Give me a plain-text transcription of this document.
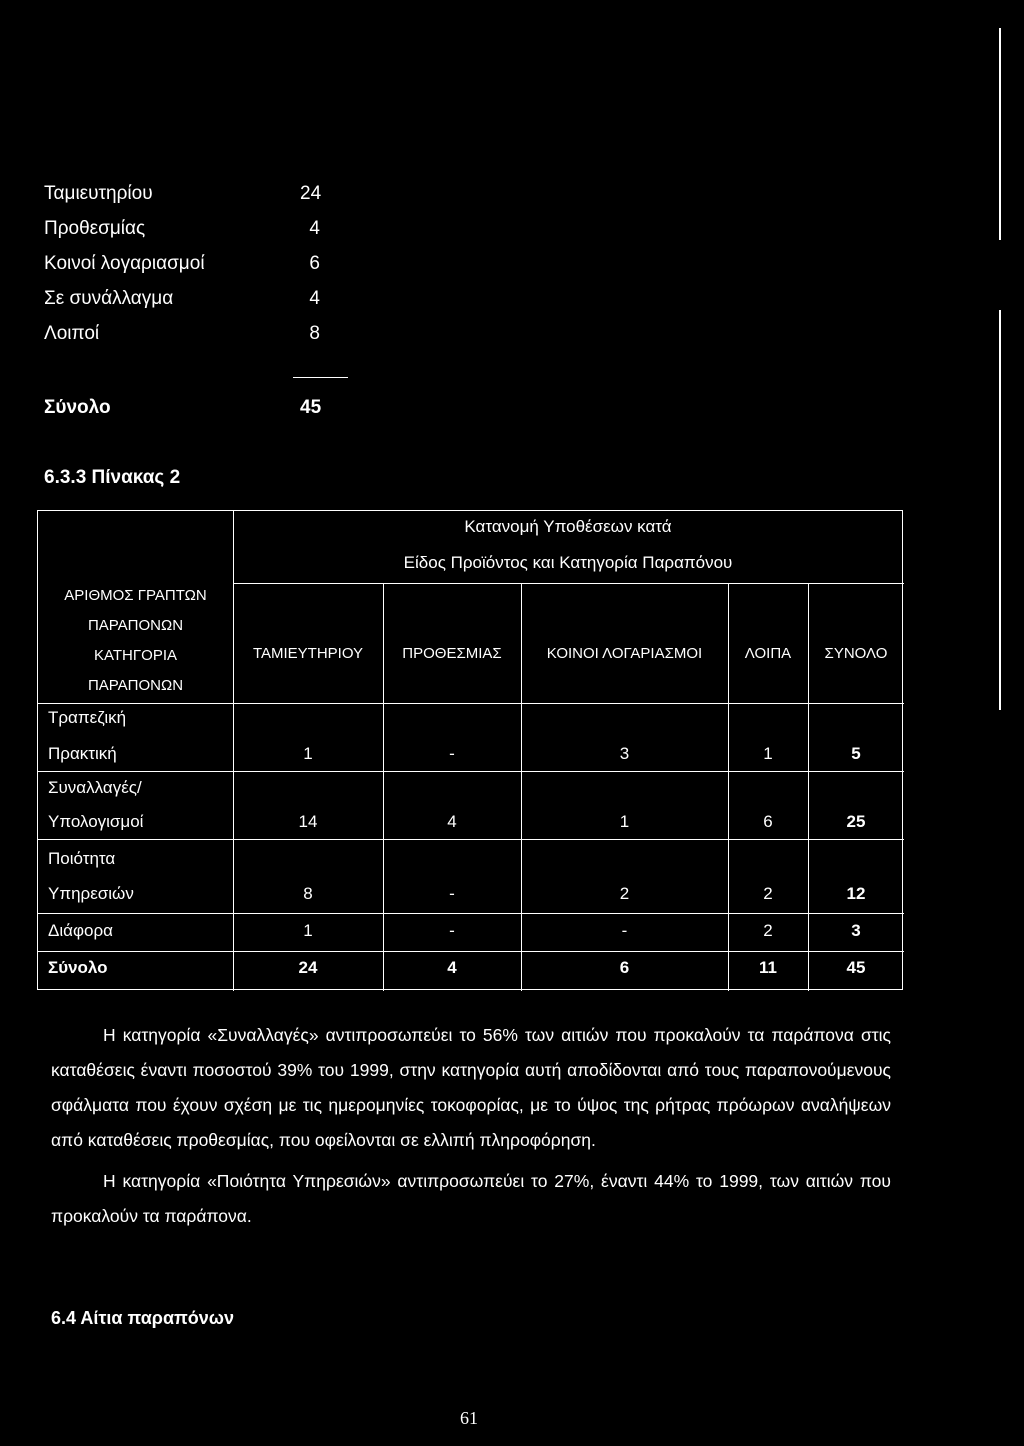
Ταμιευτηρίου	24
Προθεσμίας	4
Κοινοί λογαριασμοί	6
Σε συνάλλαγμα	4
Λοιποί	8
Σύνολο	45
6.3.3 Πίνακας 2
Κατανομή Υποθέσεων κατά
Είδος Προϊόντος και Κατηγορία Παραπόνου
ΑΡΙΘΜΟΣ ΓΡΑΠΤΩΝ
ΠΑΡΑΠΟΝΩΝ
ΚΑΤΗΓΟΡΙΑ
ΠΑΡΑΠΟΝΩΝ
ΤΑΜΙΕΥΤΗΡΙΟΥ	ΠΡΟΘΕΣΜΙΑΣ	ΚΟΙΝΟΙ ΛΟΓΑΡΙΑΣΜΟΙ	ΛΟΙΠΑ	ΣΥΝΟΛΟ
Τραπεζική
Πρακτική	1	-	3	1	5
Συναλλαγές/
Υπολογισμοί	14	4	1	6	25
Ποιότητα
Υπηρεσιών	8	-	2	2	12
Διάφορα	1	-	-	2	3
Σύνολο	24	4	6	11	45

Η κατηγορία «Συναλλαγές» αντιπροσωπεύει το 56% των αιτιών που προκαλούν τα παράπονα στις καταθέσεις έναντι ποσοστού 39% του 1999, στην κατηγορία αυτή αποδίδονται από τους παραπονούμενους σφάλματα που έχουν σχέση με τις ημερομηνίες τοκοφορίας, με το ύψος της ρήτρας πρόωρων αναλήψεων από καταθέσεις προθεσμίας, που οφείλονται σε ελλιπή πληροφόρηση.

Η κατηγορία «Ποιότητα Υπηρεσιών» αντιπροσωπεύει το 27%, έναντι 44% το 1999, των αιτιών που προκαλούν τα παράπονα.

6.4 Αίτια παραπόνων
61
